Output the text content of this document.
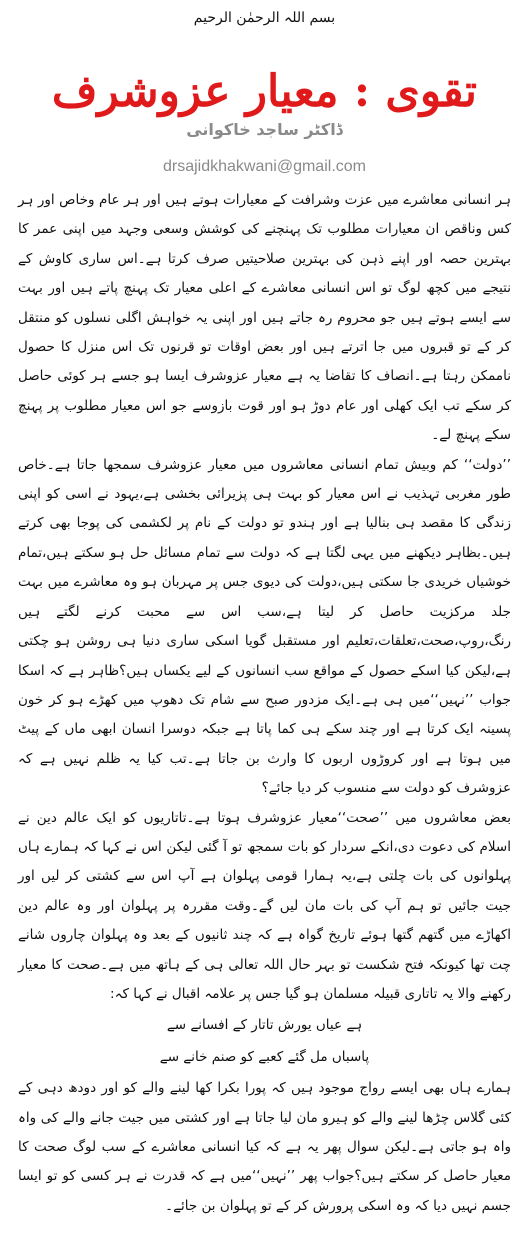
بسم اللہ الرحمٰن الرحیم
تقوی : معیار عزوشرف
ڈاکٹر ساجد خاکوانی
drsajidkhakwani@gmail.com

ہر انسانی معاشرے میں عزت وشرافت کے معیارات ہوتے ہیں اور ہر عام وخاص اور ہر کس وناقص ان معیارات مطلوب تک پہنچنے کی کوشش وسعی وجہد میں اپنی عمر کا بہترین حصہ اور اپنے ذہن کی بہترین صلاحیتیں صرف کرتا ہے۔اس ساری کاوش کے نتیجے میں کچھ لوگ تو اس انسانی معاشرے کے اعلی معیار تک پہنچ پاتے ہیں اور بہت سے ایسے ہوتے ہیں جو محروم رہ جاتے ہیں اور اپنی یہ خواہش اگلی نسلوں کو منتقل کر کے تو قبروں میں جا اترتے ہیں اور بعض اوقات تو قرنوں تک اس منزل کا حصول ناممکن رہتا ہے۔انصاف کا تقاضا یہ ہے معیار عزوشرف ایسا ہو جسے ہر کوئی حاصل کر سکے تب ایک کھلی اور عام دوڑ ہو اور قوت بازوسے جو اس معیار مطلوب پر پہنچ سکے پہنچ لے۔

’’دولت‘‘ کم وبیش تمام انسانی معاشروں میں معیار عزوشرف سمجھا جاتا ہے۔خاص طور مغربی تہذیب نے اس معیار کو بہت ہی پزیرائی بخشی ہے،یہود نے اسی کو اپنی زندگی کا مقصد ہی بنالیا ہے اور ہندو تو دولت کے نام پر لکشمی کی پوجا بھی کرتے ہیں۔بظاہر دیکھنے میں یہی لگتا ہے کہ دولت سے تمام مسائل حل ہو سکتے ہیں،تمام خوشیاں خریدی جا سکتی ہیں،دولت کی دیوی جس پر مہربان ہو وہ معاشرے میں بہت جلد مرکزیت حاصل کر لیتا ہے،سب اس سے محبت کرنے لگتے ہیں رنگ،روپ،صحت،تعلقات،تعلیم اور مستقبل گویا اسکی ساری دنیا ہی روشن ہو چکتی ہے،لیکن کیا اسکے حصول کے مواقع سب انسانوں کے لیے یکساں ہیں؟ظاہر ہے کہ اسکا جواب ’’نہیں‘‘میں ہی ہے۔ایک مزدور صبح سے شام تک دھوپ میں کھڑے ہو کر خون پسینہ ایک کرتا ہے اور چند سکے ہی کما پاتا ہے جبکہ دوسرا انسان ابھی ماں کے پیٹ میں ہوتا ہے اور کروڑوں اربوں کا وارث بن جاتا ہے۔تب کیا یہ ظلم نہیں ہے کہ عزوشرف کو دولت سے منسوب کر دیا جائے؟

بعض معاشروں میں ’’صحت‘‘معیار عزوشرف ہوتا ہے۔تاتاریوں کو ایک عالم دین نے اسلام کی دعوت دی،انکے سردار کو بات سمجھ تو آ گئی لیکن اس نے کہا کہ ہمارے ہاں پہلوانوں کی بات چلتی ہے،یہ ہمارا قومی پہلوان ہے آپ اس سے کشتی کر لیں اور جیت جائیں تو ہم آپ کی بات مان لیں گے۔وقت مقررہ پر پہلوان اور وہ عالم دین اکھاڑے میں گتھم گتھا ہوئے تاریخ گواہ ہے کہ چند ثانیوں کے بعد وہ پہلوان چاروں شانے چت تھا کیونکہ فتح شکست تو بہر حال اللہ تعالی ہی کے ہاتھ میں ہے۔صحت کا معیار رکھنے والا یہ تاتاری قبیلہ مسلمان ہو گیا جس پر علامہ اقبال نے کہا کہ:

ہے عیاں یورش تاتار کے افسانے سے
پاسباں مل گئے کعبے کو صنم خانے سے

ہمارے ہاں بھی ایسے رواج موجود ہیں کہ پورا بکرا کھا لینے والے کو اور دودھ دہی کے کئی گلاس چڑھا لینے والے کو ہیرو مان لیا جاتا ہے اور کشتی میں جیت جانے والے کی واہ واہ ہو جاتی ہے۔لیکن سوال پھر یہ ہے کہ کیا انسانی معاشرے کے سب لوگ صحت کا معیار حاصل کر سکتے ہیں؟جواب پھر ’’نہیں‘‘میں ہے کہ قدرت نے ہر کسی کو تو ایسا جسم نہیں دیا کہ وہ اسکی پرورش کر کے تو پہلوان بن جائے۔
